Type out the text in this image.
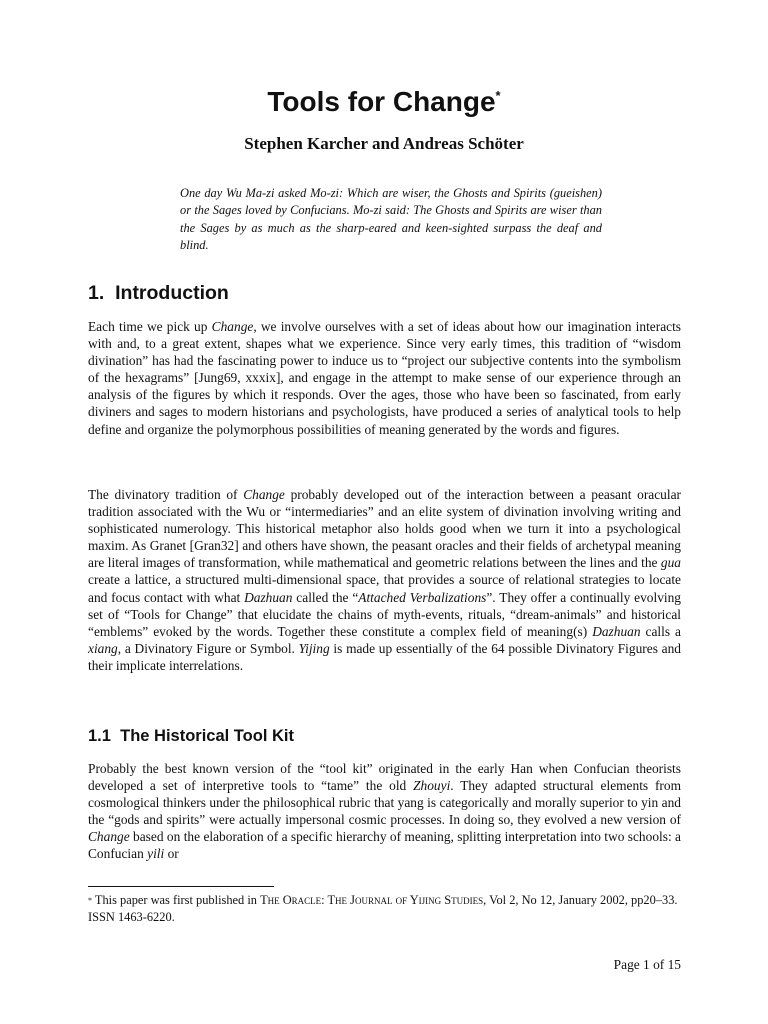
Tools for Change*
Stephen Karcher and Andreas Schöter
One day Wu Ma-zi asked Mo-zi: Which are wiser, the Ghosts and Spirits (gueishen) or the Sages loved by Confucians. Mo-zi said: The Ghosts and Spirits are wiser than the Sages by as much as the sharp-eared and keen-sighted surpass the deaf and blind.
1. Introduction
Each time we pick up Change, we involve ourselves with a set of ideas about how our imagination interacts with and, to a great extent, shapes what we experience. Since very early times, this tradition of “wisdom divination” has had the fascinating power to induce us to “project our subjective contents into the symbolism of the hexagrams” [Jung69, xxxix], and engage in the attempt to make sense of our experience through an analysis of the figures by which it responds. Over the ages, those who have been so fascinated, from early diviners and sages to modern historians and psychologists, have produced a series of analytical tools to help define and organize the polymorphous possibilities of meaning generated by the words and figures.
The divinatory tradition of Change probably developed out of the interaction between a peasant oracular tradition associated with the Wu or “intermediaries” and an elite system of divination involving writing and sophisticated numerology. This historical metaphor also holds good when we turn it into a psychological maxim. As Granet [Gran32] and others have shown, the peasant oracles and their fields of archetypal meaning are literal images of transformation, while mathematical and geometric relations between the lines and the gua create a lattice, a structured multi-dimensional space, that provides a source of relational strategies to locate and focus contact with what Dazhuan called the “Attached Verbalizations”. They offer a continually evolving set of “Tools for Change” that elucidate the chains of myth-events, rituals, “dream-animals” and historical “emblems” evoked by the words. Together these constitute a complex field of meaning(s) Dazhuan calls a xiang, a Divinatory Figure or Symbol. Yijing is made up essentially of the 64 possible Divinatory Figures and their implicate interrelations.
1.1 The Historical Tool Kit
Probably the best known version of the “tool kit” originated in the early Han when Confucian theorists developed a set of interpretive tools to “tame” the old Zhouyi. They adapted structural elements from cosmological thinkers under the philosophical rubric that yang is categorically and morally superior to yin and the “gods and spirits” were actually impersonal cosmic processes. In doing so, they evolved a new version of Change based on the elaboration of a specific hierarchy of meaning, splitting interpretation into two schools: a Confucian yili or
* This paper was first published in The Oracle: The Journal of Yijing Studies, Vol 2, No 12, January 2002, pp20–33. ISSN 1463-6220.
Page 1 of 15
